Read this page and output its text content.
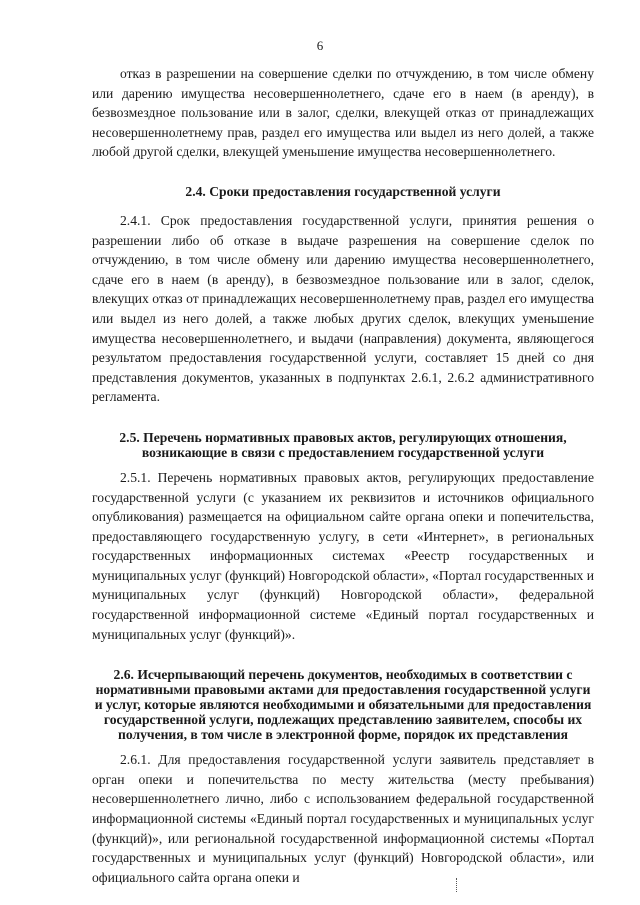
6

отказ в разрешении на совершение сделки по отчуждению, в том числе обмену или дарению имущества несовершеннолетнего, сдаче его в наем (в аренду), в безвозмездное пользование или в залог, сделки, влекущей отказ от принадлежащих несовершеннолетнему прав, раздел его имущества или выдел из него долей, а также любой другой сделки, влекущей уменьшение имущества несовершеннолетнего.

2.4. Сроки предоставления государственной услуги

2.4.1. Срок предоставления государственной услуги, принятия решения о разрешении либо об отказе в выдаче разрешения на совершение сделок по отчуждению, в том числе обмену или дарению имущества несовершеннолетнего, сдаче его в наем (в аренду), в безвозмездное пользование или в залог, сделок, влекущих отказ от принадлежащих несовершеннолетнему прав, раздел его имущества или выдел из него долей, а также любых других сделок, влекущих уменьшение имущества несовершеннолетнего, и выдачи (направления) документа, являющегося результатом предоставления государственной услуги, составляет 15 дней со дня представления документов, указанных в подпунктах 2.6.1, 2.6.2 административного регламента.

2.5. Перечень нормативных правовых актов, регулирующих отношения, возникающие в связи с предоставлением государственной услуги

2.5.1. Перечень нормативных правовых актов, регулирующих предоставление государственной услуги (с указанием их реквизитов и источников официального опубликования) размещается на официальном сайте органа опеки и попечительства, предоставляющего государственную услугу, в сети «Интернет», в региональных государственных информационных системах «Реестр государственных и муниципальных услуг (функций) Новгородской области», «Портал государственных и муниципальных услуг (функций) Новгородской области», федеральной государственной информационной системе «Единый портал государственных и муниципальных услуг (функций)».

2.6. Исчерпывающий перечень документов, необходимых в соответствии с нормативными правовыми актами для предоставления государственной услуги и услуг, которые являются необходимыми и обязательными для предоставления государственной услуги, подлежащих представлению заявителем, способы их получения, в том числе в электронной форме, порядок их представления

2.6.1. Для предоставления государственной услуги заявитель представляет в орган опеки и попечительства по месту жительства (месту пребывания) несовершеннолетнего лично, либо с использованием федеральной государственной информационной системы «Единый портал государственных и муниципальных услуг (функций)», или региональной государственной информационной системы «Портал государственных и муниципальных услуг (функций) Новгородской области», или официального сайта органа опеки и
